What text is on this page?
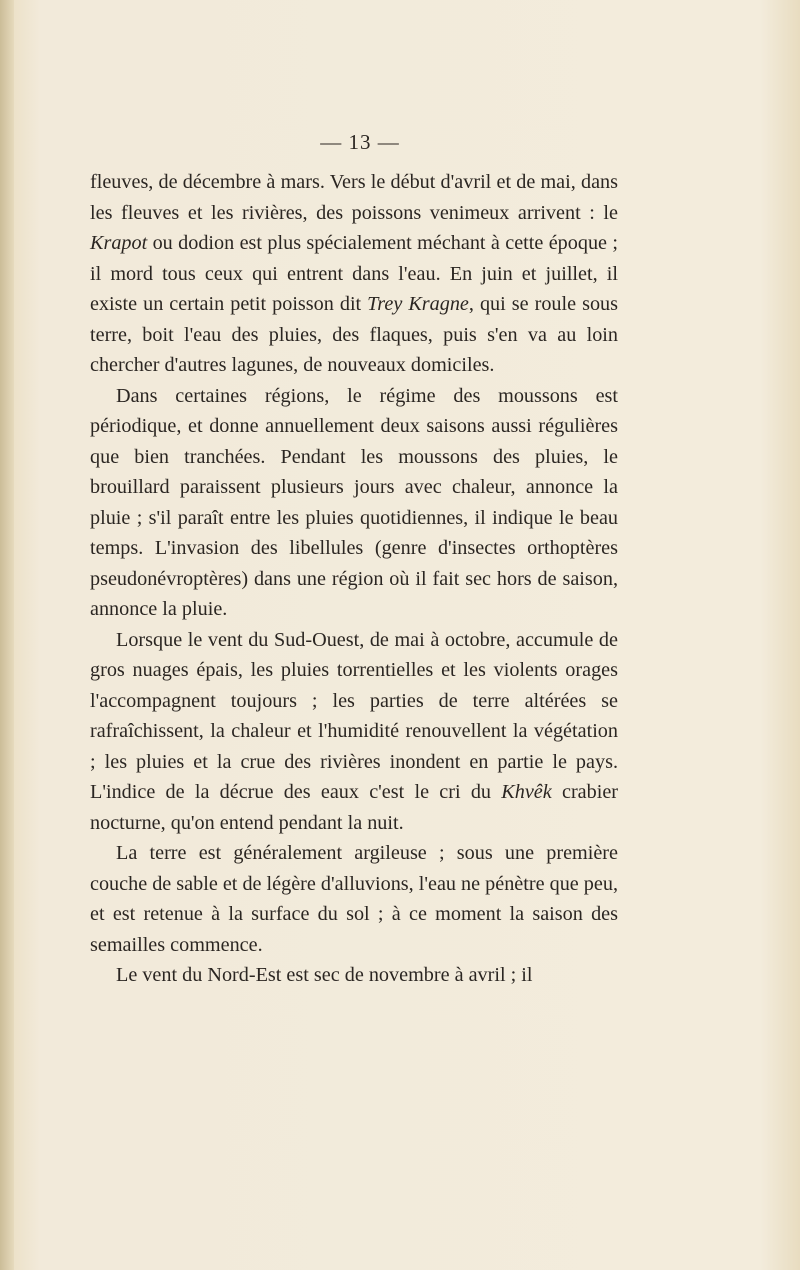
— 13 —

fleuves, de décembre à mars. Vers le début d'avril et de mai, dans les fleuves et les rivières, des poissons venimeux arrivent : le Krapot ou dodion est plus spécialement méchant à cette époque ; il mord tous ceux qui entrent dans l'eau. En juin et juillet, il existe un certain petit poisson dit Trey Kragne, qui se roule sous terre, boit l'eau des pluies, des flaques, puis s'en va au loin chercher d'autres lagunes, de nouveaux domiciles.

Dans certaines régions, le régime des moussons est périodique, et donne annuellement deux saisons aussi régulières que bien tranchées. Pendant les moussons des pluies, le brouillard paraissent plusieurs jours avec chaleur, annonce la pluie ; s'il paraît entre les pluies quotidiennes, il indique le beau temps. L'invasion des libellules (genre d'insectes orthoptères pseudonévroptères) dans une région où il fait sec hors de saison, annonce la pluie.

Lorsque le vent du Sud-Ouest, de mai à octobre, accumule de gros nuages épais, les pluies torrentielles et les violents orages l'accompagnent toujours ; les parties de terre altérées se rafraîchissent, la chaleur et l'humidité renouvellent la végétation ; les pluies et la crue des rivières inondent en partie le pays. L'indice de la décrue des eaux c'est le cri du Khvêk crabier nocturne, qu'on entend pendant la nuit.

La terre est généralement argileuse ; sous une première couche de sable et de légère d'alluvions, l'eau ne pénètre que peu, et est retenue à la surface du sol ; à ce moment la saison des semailles commence.

Le vent du Nord-Est est sec de novembre à avril ; il
